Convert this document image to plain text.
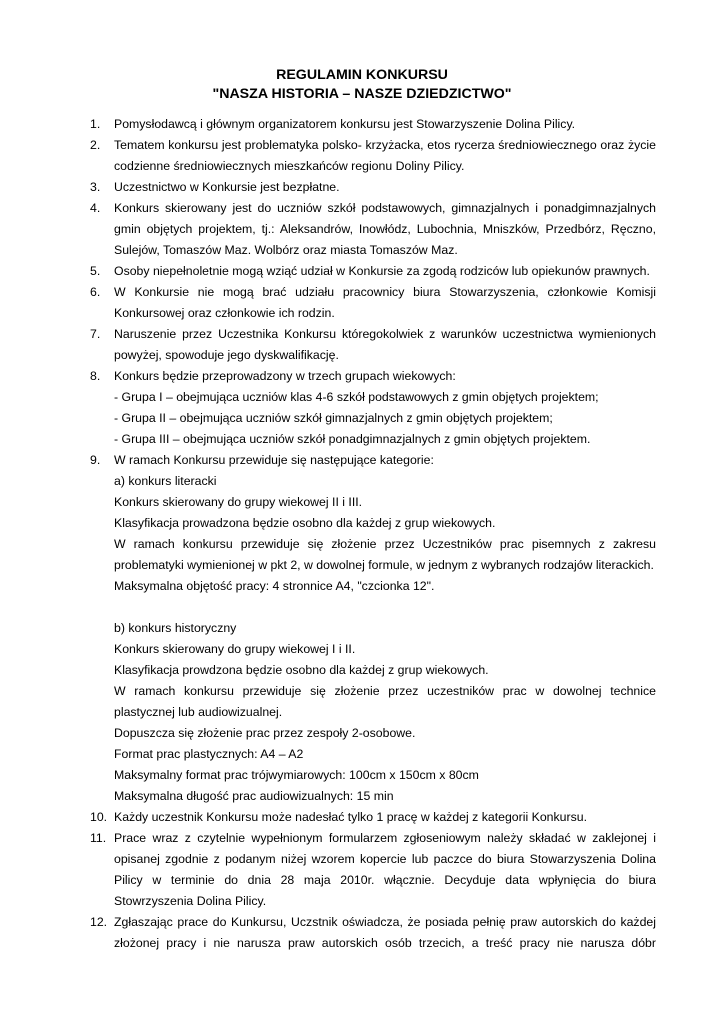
REGULAMIN KONKURSU

"NASZA HISTORIA – NASZE DZIEDZICTWO"

1.	Pomysłodawcą i głównym organizatorem konkursu jest Stowarzyszenie Dolina Pilicy.
2.	Tematem konkursu jest problematyka polsko- krzyżacka, etos rycerza średniowiecznego oraz życie codzienne średniowiecznych mieszkańców regionu Doliny Pilicy.
3.	Uczestnictwo w Konkursie jest bezpłatne.
4.	Konkurs skierowany jest do uczniów szkół podstawowych, gimnazjalnych i ponadgimnazjalnych gmin objętych projektem, tj.: Aleksandrów, Inowłódz, Lubochnia, Mniszków, Przedbórz, Ręczno, Sulejów, Tomaszów Maz. Wolbórz oraz miasta Tomaszów Maz.
5.	Osoby niepełnoletnie mogą wziąć udział w Konkursie za zgodą rodziców lub opiekunów prawnych.
6.	W Konkursie nie mogą brać udziału pracownicy biura Stowarzyszenia, członkowie Komisji Konkursowej oraz członkowie ich rodzin.
7.	Naruszenie przez Uczestnika Konkursu któregokolwiek z warunków uczestnictwa wymienionych powyżej, spowoduje jego dyskwalifikację.
8.	Konkurs będzie przeprowadzony w trzech grupach wiekowych:
- Grupa I – obejmująca uczniów klas 4-6 szkół podstawowych z gmin objętych projektem;
- Grupa II – obejmująca uczniów szkół gimnazjalnych z gmin objętych projektem;
- Grupa III – obejmująca uczniów szkół ponadgimnazjalnych z gmin objętych projektem.
9.	W ramach Konkursu przewiduje się następujące kategorie:
a) konkurs literacki
Konkurs skierowany do grupy wiekowej II i III.
Klasyfikacja prowadzona będzie osobno dla każdej z grup wiekowych.
W ramach konkursu przewiduje się złożenie przez Uczestników prac pisemnych z zakresu problematyki wymienionej w pkt 2, w dowolnej formule, w jednym z wybranych rodzajów literackich.
Maksymalna objętość pracy: 4 stronnice A4, "czcionka 12".
b) konkurs historyczny
Konkurs skierowany do grupy wiekowej I i II.
Klasyfikacja prowdzona będzie osobno dla każdej z grup wiekowych.
W ramach konkursu przewiduje się złożenie przez uczestników prac w dowolnej technice plastycznej lub audiowizualnej.
Dopuszcza się złożenie prac przez zespoły 2-osobowe.
Format prac plastycznych: A4 – A2
Maksymalny format prac trójwymiarowych: 100cm x 150cm x 80cm
Maksymalna długość prac audiowizualnych: 15 min
10. Każdy uczestnik Konkursu może nadesłać tylko 1 pracę w każdej z kategorii Konkursu.
11. Prace wraz z czytelnie wypełnionym formularzem zgłoseniowym należy składać w zaklejonej i opisanej zgodnie z podanym niżej wzorem kopercie lub paczce do biura Stowarzyszenia Dolina Pilicy w terminie do dnia 28 maja 2010r. włącznie. Decyduje data wpłynięcia do biura Stowrzyszenia Dolina Pilicy.
12. Zgłaszając prace do Kunkursu, Uczstnik oświadcza, że posiada pełnię praw autorskich do każdej złożonej pracy i nie narusza praw autorskich osób trzecich, a treść pracy nie narusza dóbr
